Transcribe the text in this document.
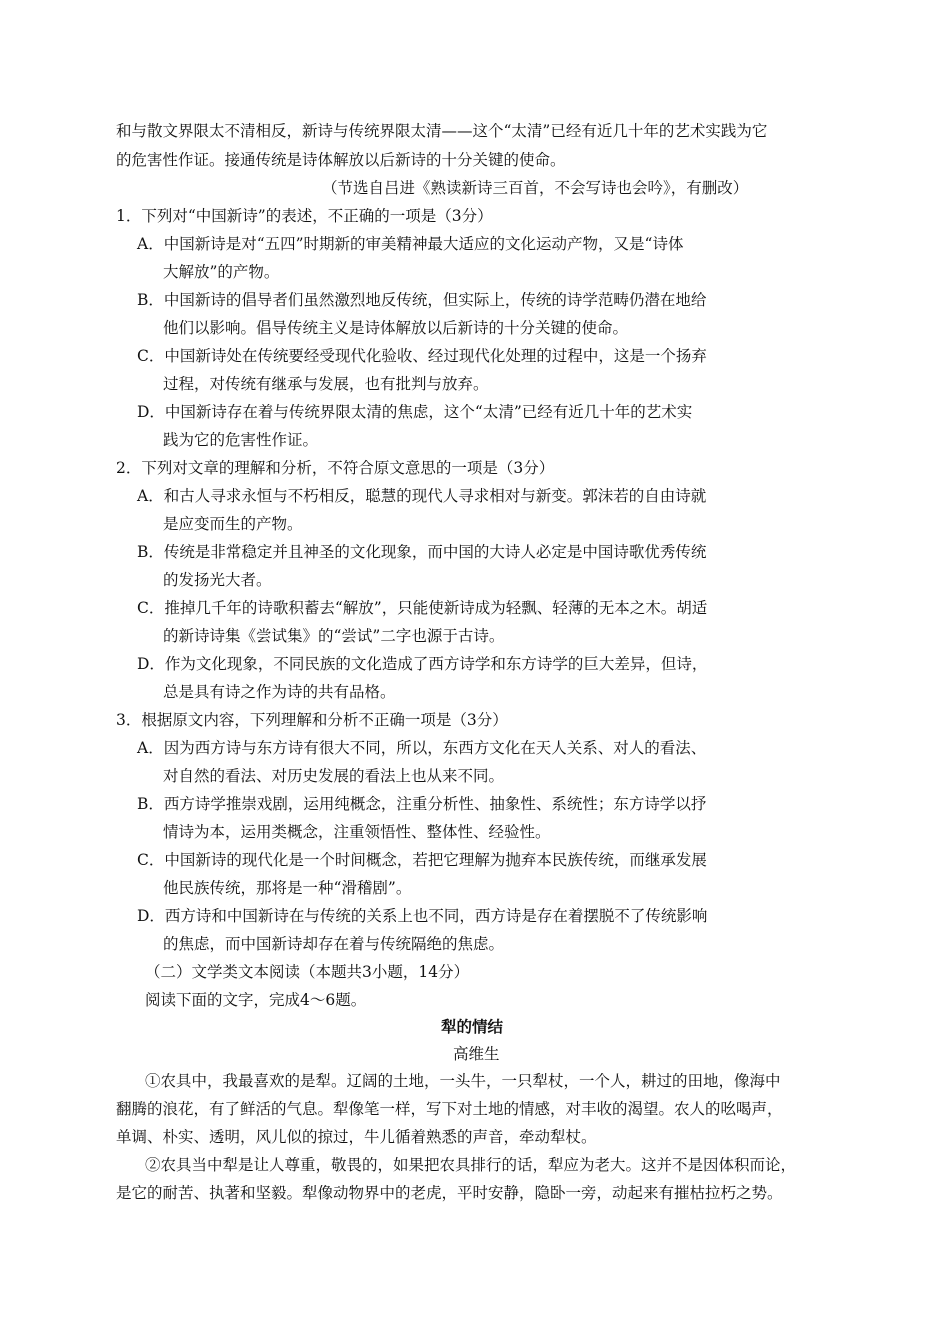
和与散文界限太不清相反，新诗与传统界限太清——这个“太清”已经有近几十年的艺术实践为它
的危害性作证。接通传统是诗体解放以后新诗的十分关键的使命。
（节选自吕进《熟读新诗三百首，不会写诗也会吟》，有删改）
1．下列对“中国新诗”的表述，不正确的一项是（3分）
A．中国新诗是对“五四”时期新的审美精神最大适应的文化运动产物，又是“诗体
大解放”的产物。
B．中国新诗的倡导者们虽然激烈地反传统，但实际上，传统的诗学范畴仍潜在地给
他们以影响。倡导传统主义是诗体解放以后新诗的十分关键的使命。
C．中国新诗处在传统要经受现代化验收、经过现代化处理的过程中，这是一个扬弃
过程，对传统有继承与发展，也有批判与放弃。
D．中国新诗存在着与传统界限太清的焦虑，这个“太清”已经有近几十年的艺术实
践为它的危害性作证。
2．下列对文章的理解和分析，不符合原文意思的一项是（3分）
A．和古人寻求永恒与不朽相反，聪慧的现代人寻求相对与新变。郭沫若的自由诗就
是应变而生的产物。
B．传统是非常稳定并且神圣的文化现象，而中国的大诗人必定是中国诗歌优秀传统
的发扬光大者。
C．推掉几千年的诗歌积蓄去“解放”，只能使新诗成为轻飘、轻薄的无本之木。胡适
的新诗诗集《尝试集》的“尝试”二字也源于古诗。
D．作为文化现象，不同民族的文化造成了西方诗学和东方诗学的巨大差异，但诗，
总是具有诗之作为诗的共有品格。
3．根据原文内容，下列理解和分析不正确一项是（3分）
A．因为西方诗与东方诗有很大不同，所以，东西方文化在天人关系、对人的看法、
对自然的看法、对历史发展的看法上也从来不同。
B．西方诗学推崇戏剧，运用纯概念，注重分析性、抽象性、系统性；东方诗学以抒
情诗为本，运用类概念，注重领悟性、整体性、经验性。
C．中国新诗的现代化是一个时间概念，若把它理解为抛弃本民族传统，而继承发展
他民族传统，那将是一种“滑稽剧”。
D．西方诗和中国新诗在与传统的关系上也不同，西方诗是存在着摆脱不了传统影响
的焦虑，而中国新诗却存在着与传统隔绝的焦虑。
（二）文学类文本阅读（本题共3小题，14分）
阅读下面的文字，完成4～6题。
犁的情结
高维生
①农具中，我最喜欢的是犁。辽阔的土地，一头牛，一只犁杖，一个人，耕过的田地，像海中
翻腾的浪花，有了鲜活的气息。犁像笔一样，写下对土地的情感，对丰收的渴望。农人的吆喝声，
单调、朴实、透明，风儿似的掠过，牛儿循着熟悉的声音，牵动犁杖。
②农具当中犁是让人尊重，敬畏的，如果把农具排行的话，犁应为老大。这并不是因体积而论，
是它的耐苦、执著和坚毅。犁像动物界中的老虎，平时安静，隐卧一旁，动起来有摧枯拉朽之势。
